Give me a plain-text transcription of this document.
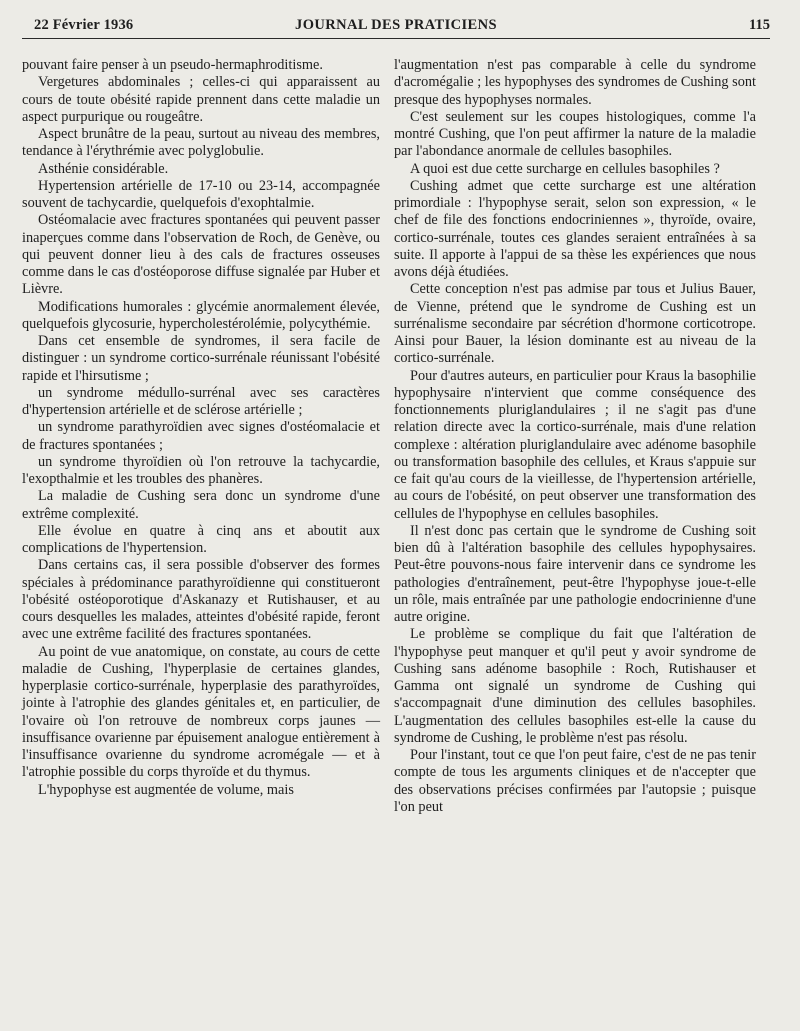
22 Février 1936	JOURNAL DES PRATICIENS	115

pouvant faire penser à un pseudo-hermaphroditisme.

Vergetures abdominales ; celles-ci qui apparaissent au cours de toute obésité rapide prennent dans cette maladie un aspect purpurique ou rougeâtre.

Aspect brunâtre de la peau, surtout au niveau des membres, tendance à l'érythrémie avec polyglobulie.

Asthénie considérable.

Hypertension artérielle de 17-10 ou 23-14, accompagnée souvent de tachycardie, quelquefois d'exophtalmie.

Ostéomalacie avec fractures spontanées qui peuvent passer inaperçues comme dans l'observation de Roch, de Genève, ou qui peuvent donner lieu à des cals de fractures osseuses comme dans le cas d'ostéoporose diffuse signalée par Huber et Lièvre.

Modifications humorales : glycémie anormalement élevée, quelquefois glycosurie, hypercholestérolémie, polycythémie.

Dans cet ensemble de syndromes, il sera facile de distinguer : un syndrome cortico-surrénale réunissant l'obésité rapide et l'hirsutisme ;

un syndrome médullo-surrénal avec ses caractères d'hypertension artérielle et de sclérose artérielle ;

un syndrome parathyroïdien avec signes d'ostéomalacie et de fractures spontanées ;

un syndrome thyroïdien où l'on retrouve la tachycardie, l'exopthalmie et les troubles des phanères.

La maladie de Cushing sera donc un syndrome d'une extrême complexité.

Elle évolue en quatre à cinq ans et aboutit aux complications de l'hypertension.

Dans certains cas, il sera possible d'observer des formes spéciales à prédominance parathyroïdienne qui constitueront l'obésité ostéoporotique d'Askanazy et Rutishauser, et au cours desquelles les malades, atteintes d'obésité rapide, feront avec une extrême facilité des fractures spontanées.

Au point de vue anatomique, on constate, au cours de cette maladie de Cushing, l'hyperplasie de certaines glandes, hyperplasie cortico-surrénale, hyperplasie des parathyroïdes, jointe à l'atrophie des glandes génitales et, en particulier, de l'ovaire où l'on retrouve de nombreux corps jaunes — insuffisance ovarienne par épuisement analogue entièrement à l'insuffisance ovarienne du syndrome acromégale — et à l'atrophie possible du corps thyroïde et du thymus.

L'hypophyse est augmentée de volume, mais

l'augmentation n'est pas comparable à celle du syndrome d'acromégalie ; les hypophyses des syndromes de Cushing sont presque des hypophyses normales.

C'est seulement sur les coupes histologiques, comme l'a montré Cushing, que l'on peut affirmer la nature de la maladie par l'abondance anormale de cellules basophiles.

A quoi est due cette surcharge en cellules basophiles ?

Cushing admet que cette surcharge est une altération primordiale : l'hypophyse serait, selon son expression, « le chef de file des fonctions endocriniennes », thyroïde, ovaire, cortico-surrénale, toutes ces glandes seraient entraînées à sa suite. Il apporte à l'appui de sa thèse les expériences que nous avons déjà étudiées.

Cette conception n'est pas admise par tous et Julius Bauer, de Vienne, prétend que le syndrome de Cushing est un surrénalisme secondaire par sécrétion d'hormone corticotrope. Ainsi pour Bauer, la lésion dominante est au niveau de la cortico-surrénale.

Pour d'autres auteurs, en particulier pour Kraus la basophilie hypophysaire n'intervient que comme conséquence des fonctionnements pluriglandulaires ; il ne s'agit pas d'une relation directe avec la cortico-surrénale, mais d'une relation complexe : altération pluriglandulaire avec adénome basophile ou transformation basophile des cellules, et Kraus s'appuie sur ce fait qu'au cours de la vieillesse, de l'hypertension artérielle, au cours de l'obésité, on peut observer une transformation des cellules de l'hypophyse en cellules basophiles.

Il n'est donc pas certain que le syndrome de Cushing soit bien dû à l'altération basophile des cellules hypophysaires. Peut-être pouvons-nous faire intervenir dans ce syndrome les pathologies d'entraînement, peut-être l'hypophyse joue-t-elle un rôle, mais entraînée par une pathologie endocrinienne d'une autre origine.

Le problème se complique du fait que l'altération de l'hypophyse peut manquer et qu'il peut y avoir syndrome de Cushing sans adénome basophile : Roch, Rutishauser et Gamma ont signalé un syndrome de Cushing qui s'accompagnait d'une diminution des cellules basophiles. L'augmentation des cellules basophiles est-elle la cause du syndrome de Cushing, le problème n'est pas résolu.

Pour l'instant, tout ce que l'on peut faire, c'est de ne pas tenir compte de tous les arguments cliniques et de n'accepter que des observations précises confirmées par l'autopsie ; puisque l'on peut
